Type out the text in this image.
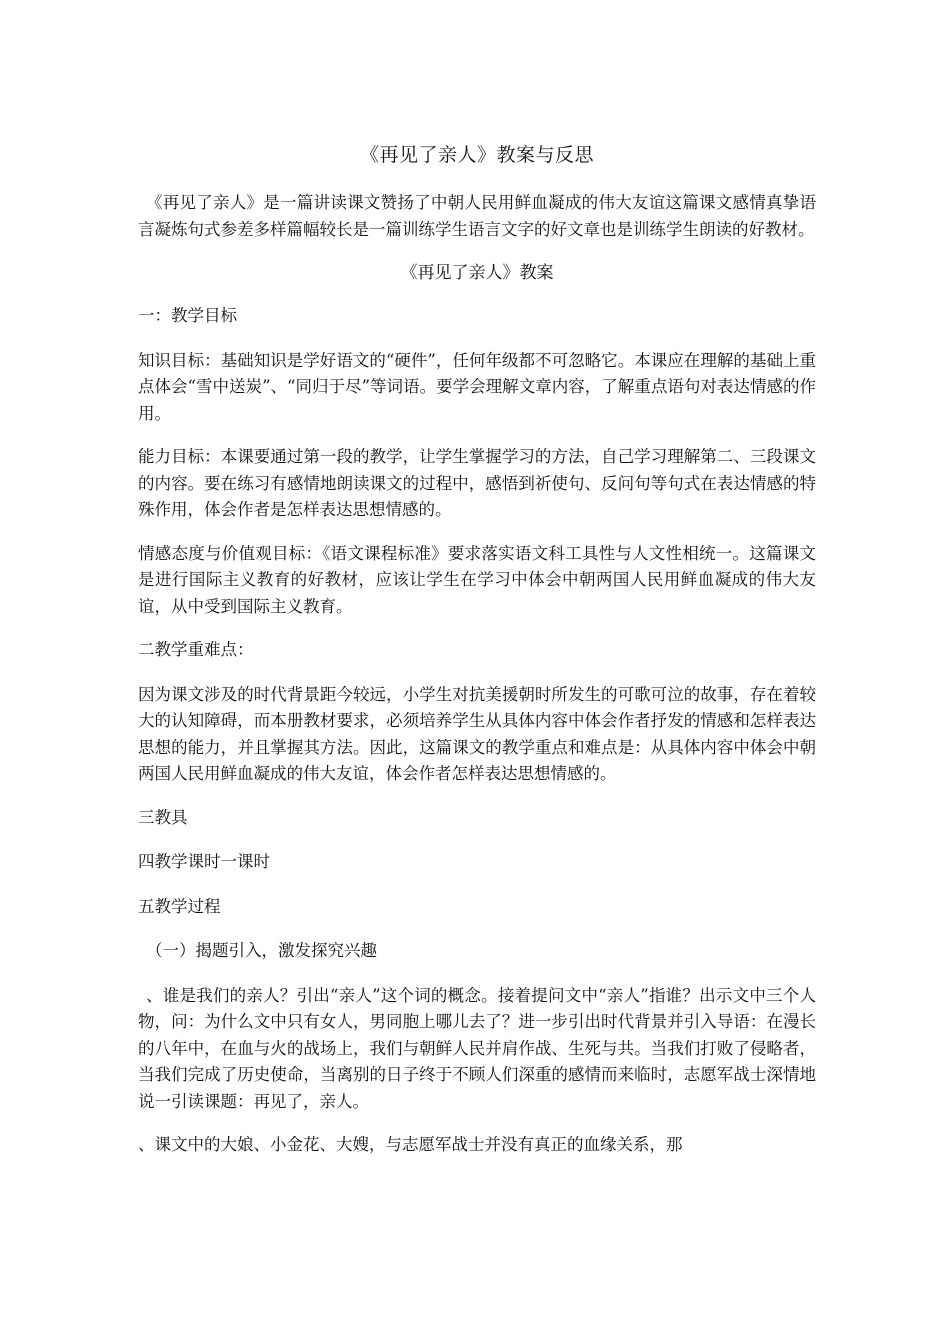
《再见了亲人》教案与反思

《再见了亲人》是一篇讲读课文赞扬了中朝人民用鲜血凝成的伟大友谊这篇课文感情真挚语言凝炼句式参差多样篇幅较长是一篇训练学生语言文字的好文章也是训练学生朗读的好教材。

《再见了亲人》教案

一：教学目标

知识目标：基础知识是学好语文的“硬件”，任何年级都不可忽略它。本课应在理解的基础上重点体会“雪中送炭”、“同归于尽”等词语。要学会理解文章内容，了解重点语句对表达情感的作用。

能力目标：本课要通过第一段的教学，让学生掌握学习的方法，自己学习理解第二、三段课文的内容。要在练习有感情地朗读课文的过程中，感悟到祈使句、反问句等句式在表达情感的特殊作用，体会作者是怎样表达思想情感的。

情感态度与价值观目标：《语文课程标准》要求落实语文科工具性与人文性相统一。这篇课文是进行国际主义教育的好教材，应该让学生在学习中体会中朝两国人民用鲜血凝成的伟大友谊，从中受到国际主义教育。

二教学重难点：

因为课文涉及的时代背景距今较远，小学生对抗美援朝时所发生的可歌可泣的故事，存在着较大的认知障碍，而本册教材要求，必须培养学生从具体内容中体会作者抒发的情感和怎样表达思想的能力，并且掌握其方法。因此，这篇课文的教学重点和难点是：从具体内容中体会中朝两国人民用鲜血凝成的伟大友谊，体会作者怎样表达思想情感的。

三教具

四教学课时一课时

五教学过程

（一）揭题引入，激发探究兴趣

、谁是我们的亲人？引出“亲人”这个词的概念。接着提问文中“亲人”指谁？出示文中三个人物，问：为什么文中只有女人，男同胞上哪儿去了？进一步引出时代背景并引入导语：在漫长的八年中，在血与火的战场上，我们与朝鲜人民并肩作战、生死与共。当我们打败了侵略者，当我们完成了历史使命，当离别的日子终于不顾人们深重的感情而来临时，志愿军战士深情地说一引读课题：再见了，亲人。

、课文中的大娘、小金花、大嫂，与志愿军战士并没有真正的血缘关系，那
